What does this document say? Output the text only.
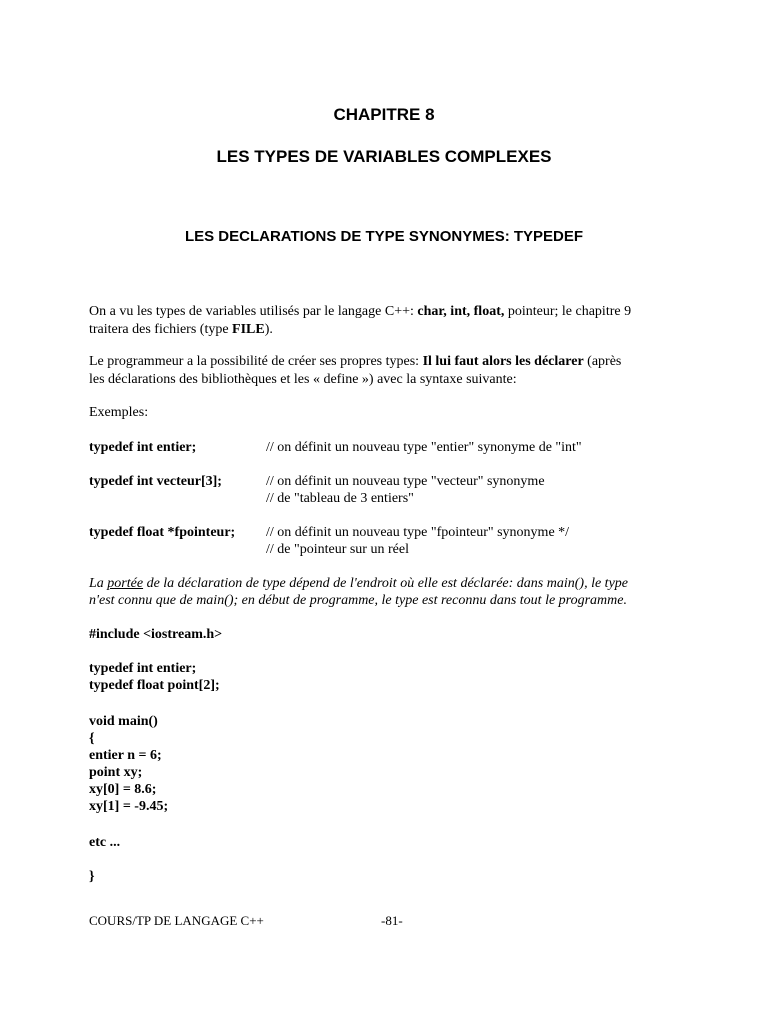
CHAPITRE 8
LES TYPES DE VARIABLES COMPLEXES
LES DECLARATIONS DE TYPE SYNONYMES: TYPEDEF
On a vu les types de variables utilisés par le langage C++: char, int, float, pointeur; le chapitre 9
traitera des fichiers (type FILE).
Le programmeur a la possibilité de créer ses propres types: Il lui faut alors les déclarer (après
les déclarations des bibliothèques et les « define ») avec la syntaxe suivante:
Exemples:
typedef int entier;	// on définit un nouveau type "entier" synonyme de "int"
typedef int vecteur[3];	// on définit un nouveau type "vecteur" synonyme
// de "tableau de 3 entiers"
typedef float *fpointeur; // on définit un nouveau type "fpointeur" synonyme */
// de "pointeur sur un réel
La portée de la déclaration de type dépend de l'endroit où elle est déclarée: dans main(), le type
n'est connu que de main(); en début de programme, le type est reconnu dans tout le programme.
#include <iostream.h>
typedef int entier;
typedef float point[2];
void main()
{
entier n = 6;
point xy;
xy[0] = 8.6;
xy[1] = -9.45;
etc ...
}
COURS/TP DE LANGAGE C++	-81-
